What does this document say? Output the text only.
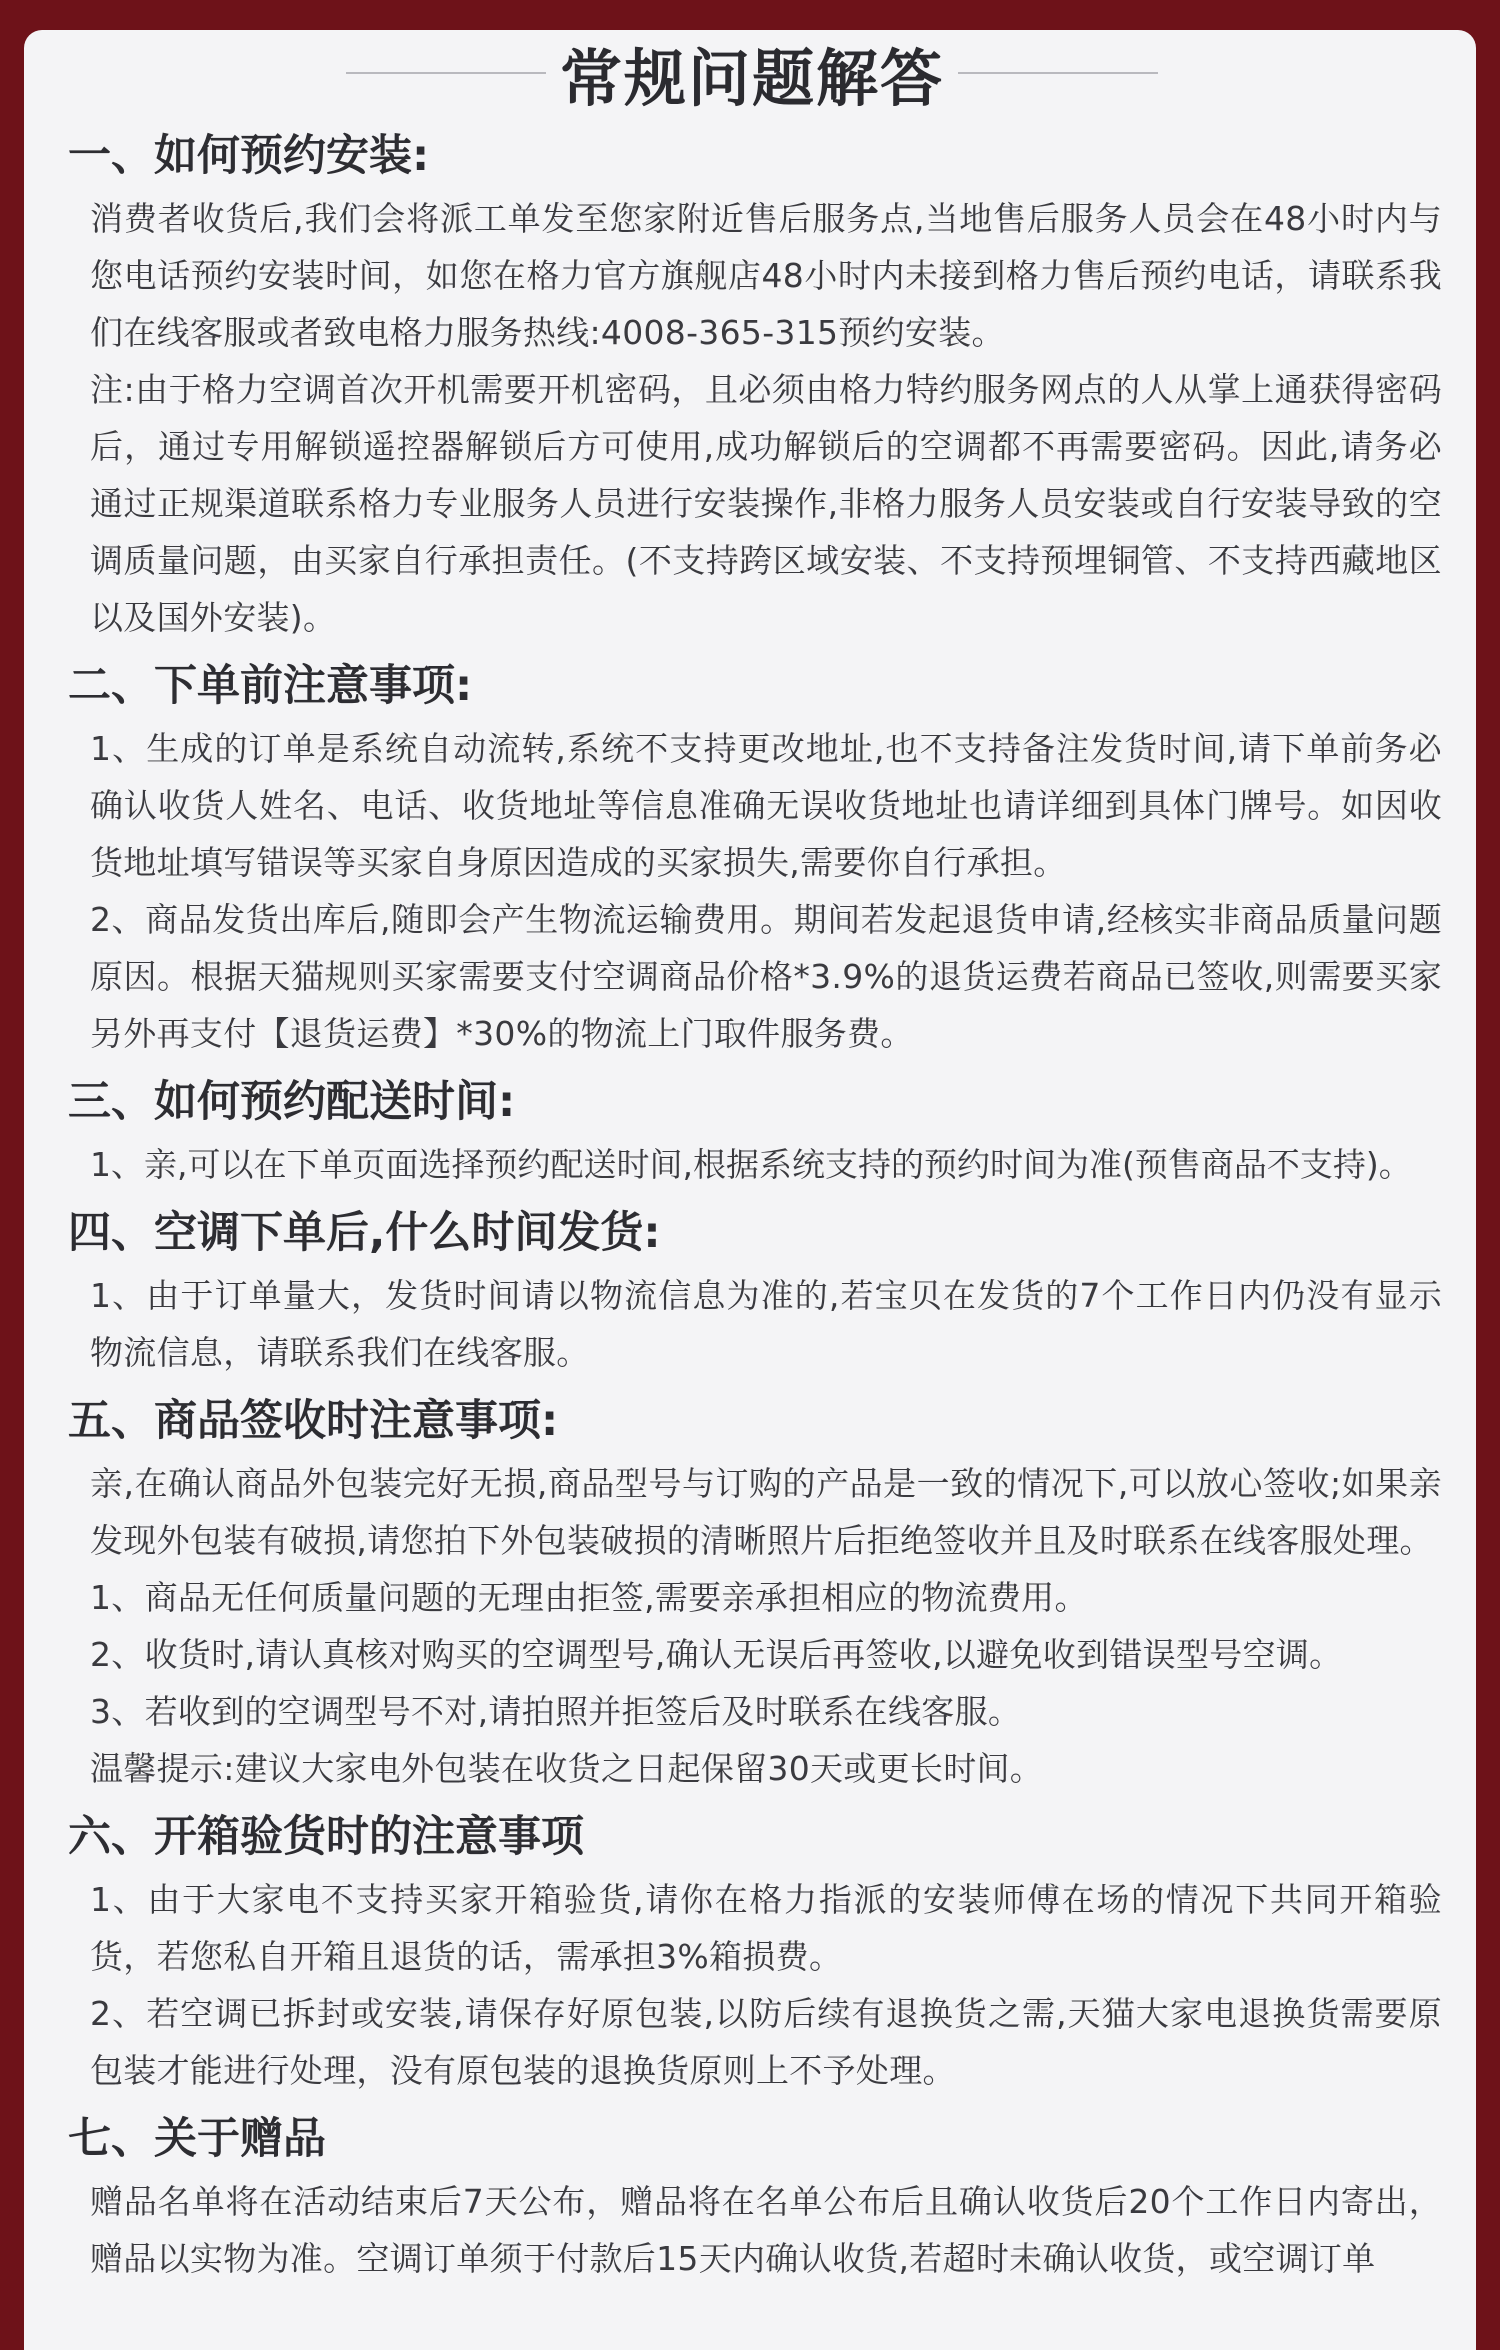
常规问题解答
一、如何预约安装:

消费者收货后,我们会将派工单发至您家附近售后服务点,当地售后服务人员会在48小时内与您电话预约安装时间，如您在格力官方旗舰店48小时内未接到格力售后预约电话，请联系我们在线客服或者致电格力服务热线:4008-365-315预约安装。

注:由于格力空调首次开机需要开机密码，且必须由格力特约服务网点的人从掌上通获得密码后，通过专用解锁遥控器解锁后方可使用,成功解锁后的空调都不再需要密码。因此,请务必通过正规渠道联系格力专业服务人员进行安装操作,非格力服务人员安装或自行安装导致的空调质量问题，由买家自行承担责任。(不支持跨区域安装、不支持预埋铜管、不支持西藏地区以及国外安装)。

二、下单前注意事项:

1、生成的订单是系统自动流转,系统不支持更改地址,也不支持备注发货时间,请下单前务必确认收货人姓名、电话、收货地址等信息准确无误收货地址也请详细到具体门牌号。如因收货地址填写错误等买家自身原因造成的买家损失,需要你自行承担。

2、商品发货出库后,随即会产生物流运输费用。期间若发起退货申请,经核实非商品质量问题原因。根据天猫规则买家需要支付空调商品价格*3.9%的退货运费若商品已签收,则需要买家另外再支付【退货运费】*30%的物流上门取件服务费。

三、如何预约配送时间:

1、亲,可以在下单页面选择预约配送时间,根据系统支持的预约时间为准(预售商品不支持)。

四、空调下单后,什么时间发货:

1、由于订单量大，发货时间请以物流信息为准的,若宝贝在发货的7个工作日内仍没有显示物流信息，请联系我们在线客服。

五、商品签收时注意事项:

亲,在确认商品外包装完好无损,商品型号与订购的产品是一致的情况下,可以放心签收;如果亲发现外包装有破损,请您拍下外包装破损的清晰照片后拒绝签收并且及时联系在线客服处理。

1、商品无任何质量问题的无理由拒签,需要亲承担相应的物流费用。

2、收货时,请认真核对购买的空调型号,确认无误后再签收,以避免收到错误型号空调。

3、若收到的空调型号不对,请拍照并拒签后及时联系在线客服。

温馨提示:建议大家电外包装在收货之日起保留30天或更长时间。

六、开箱验货时的注意事项

1、由于大家电不支持买家开箱验货,请你在格力指派的安装师傅在场的情况下共同开箱验货，若您私自开箱且退货的话，需承担3%箱损费。

2、若空调已拆封或安装,请保存好原包装,以防后续有退换货之需,天猫大家电退换货需要原包装才能进行处理，没有原包装的退换货原则上不予处理。

七、关于赠品

赠品名单将在活动结束后7天公布，赠品将在名单公布后且确认收货后20个工作日内寄出，赠品以实物为准。空调订单须于付款后15天内确认收货,若超时未确认收货，或空调订单
